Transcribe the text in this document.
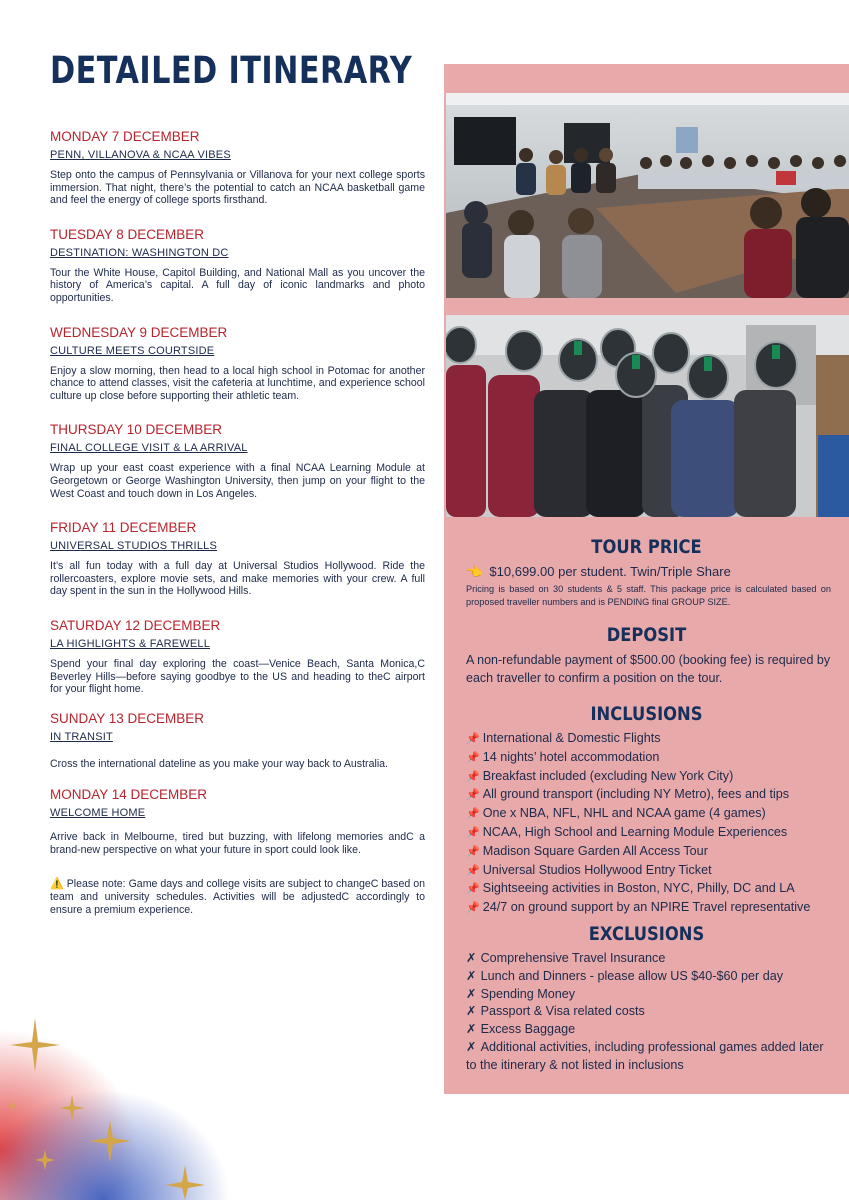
DETAILED ITINERARY
MONDAY 7 DECEMBER
PENN, VILLANOVA & NCAA VIBES
Step onto the campus of Pennsylvania or Villanova for your next college sports immersion. That night, there’s the potential to catch an NCAA basketball game and feel the energy of college sports firsthand.
TUESDAY 8 DECEMBER
DESTINATION: WASHINGTON DC
Tour the White House, Capitol Building, and National Mall as you uncover the history of America’s capital. A full day of iconic landmarks and photo opportunities.
WEDNESDAY 9 DECEMBER
CULTURE MEETS COURTSIDE
Enjoy a slow morning, then head to a local high school in Potomac for another chance to attend classes, visit the cafeteria at lunchtime, and experience school culture up close before supporting their athletic team.
THURSDAY 10 DECEMBER
FINAL COLLEGE VISIT & LA ARRIVAL
Wrap up your east coast experience with a final NCAA Learning Module at Georgetown or George Washington University, then jump on your flight to the West Coast and touch down in Los Angeles.
FRIDAY 11 DECEMBER
UNIVERSAL STUDIOS THRILLS
It’s all fun today with a full day at Universal Studios Hollywood. Ride the rollercoasters, explore movie sets, and make memories with your crew. A full day spent in the sun in the Hollywood Hills.
SATURDAY 12 DECEMBER
LA HIGHLIGHTS & FAREWELL
Spend your final day exploring the coast—Venice Beach, Santa Monica,C Beverley Hills—before saying goodbye to the US and heading to theC airport for your flight home.
SUNDAY 13 DECEMBER
IN TRANSIT
Cross the international dateline as you make your way back to Australia.
MONDAY 14 DECEMBER
WELCOME HOME
Arrive back in Melbourne, tired but buzzing, with lifelong memories andC a brand-new perspective on what your future in sport could look like.
⚠️ Please note: Game days and college visits are subject to changeC based on team and university schedules. Activities will be adjustedC accordingly to ensure a premium experience.
TOUR PRICE
👈 $10,699.00 per student. Twin/Triple Share
Pricing is based on 30 students & 5 staff. This package price is calculated based on proposed traveller numbers and is PENDING final GROUP SIZE.
DEPOSIT
A non-refundable payment of $500.00 (booking fee) is required by each traveller to confirm a position on the tour.
INCLUSIONS
📌 International & Domestic Flights
📌 14 nights’ hotel accommodation
📌 Breakfast included (excluding New York City)
📌 All ground transport (including NY Metro), fees and tips
📌 One x NBA, NFL, NHL and NCAA game (4 games)
📌 NCAA, High School and Learning Module Experiences
📌 Madison Square Garden All Access Tour
📌 Universal Studios Hollywood Entry Ticket
📌 Sightseeing activities in Boston, NYC, Philly, DC and LA
📌 24/7 on ground support by an NPIRE Travel representative
EXCLUSIONS
✗ Comprehensive Travel Insurance
✗ Lunch and Dinners - please allow US $40-$60 per day
✗ Spending Money
✗ Passport & Visa related costs
✗ Excess Baggage
✗ Additional activities, including professional games added later to the itinerary & not listed in inclusions
